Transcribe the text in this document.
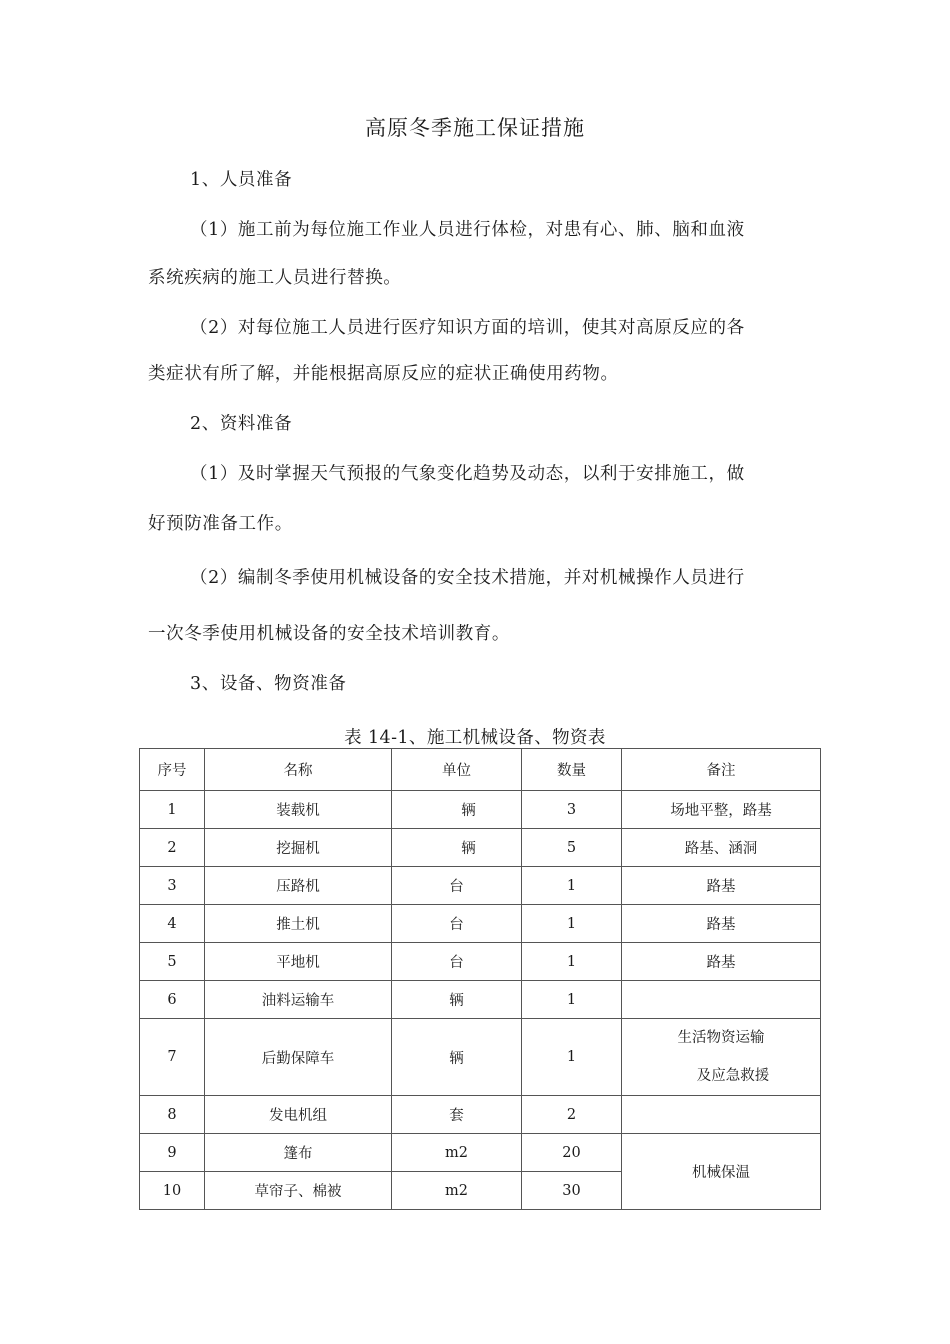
高原冬季施工保证措施
1、人员准备
（1）施工前为每位施工作业人员进行体检，对患有心、肺、脑和血液
系统疾病的施工人员进行替换。
（2）对每位施工人员进行医疗知识方面的培训，使其对高原反应的各
类症状有所了解，并能根据高原反应的症状正确使用药物。
2、资料准备
（1）及时掌握天气预报的气象变化趋势及动态，以利于安排施工，做
好预防准备工作。
（2）编制冬季使用机械设备的安全技术措施，并对机械操作人员进行
一次冬季使用机械设备的安全技术培训教育。
3、设备、物资准备
表 14-1、施工机械设备、物资表
序号	名称	单位	数量	备注
1	装载机	辆	3	场地平整，路基
2	挖掘机	辆	5	路基、涵洞
3	压路机	台	1	路基
4	推土机	台	1	路基
5	平地机	台	1	路基
6	油料运输车	辆	1	
7	后勤保障车	辆	1	生活物资运输
及应急救援

8	发电机组	套	2	
9	篷布	m2	20	机械保温
10	草帘子、棉被	m2	30	
